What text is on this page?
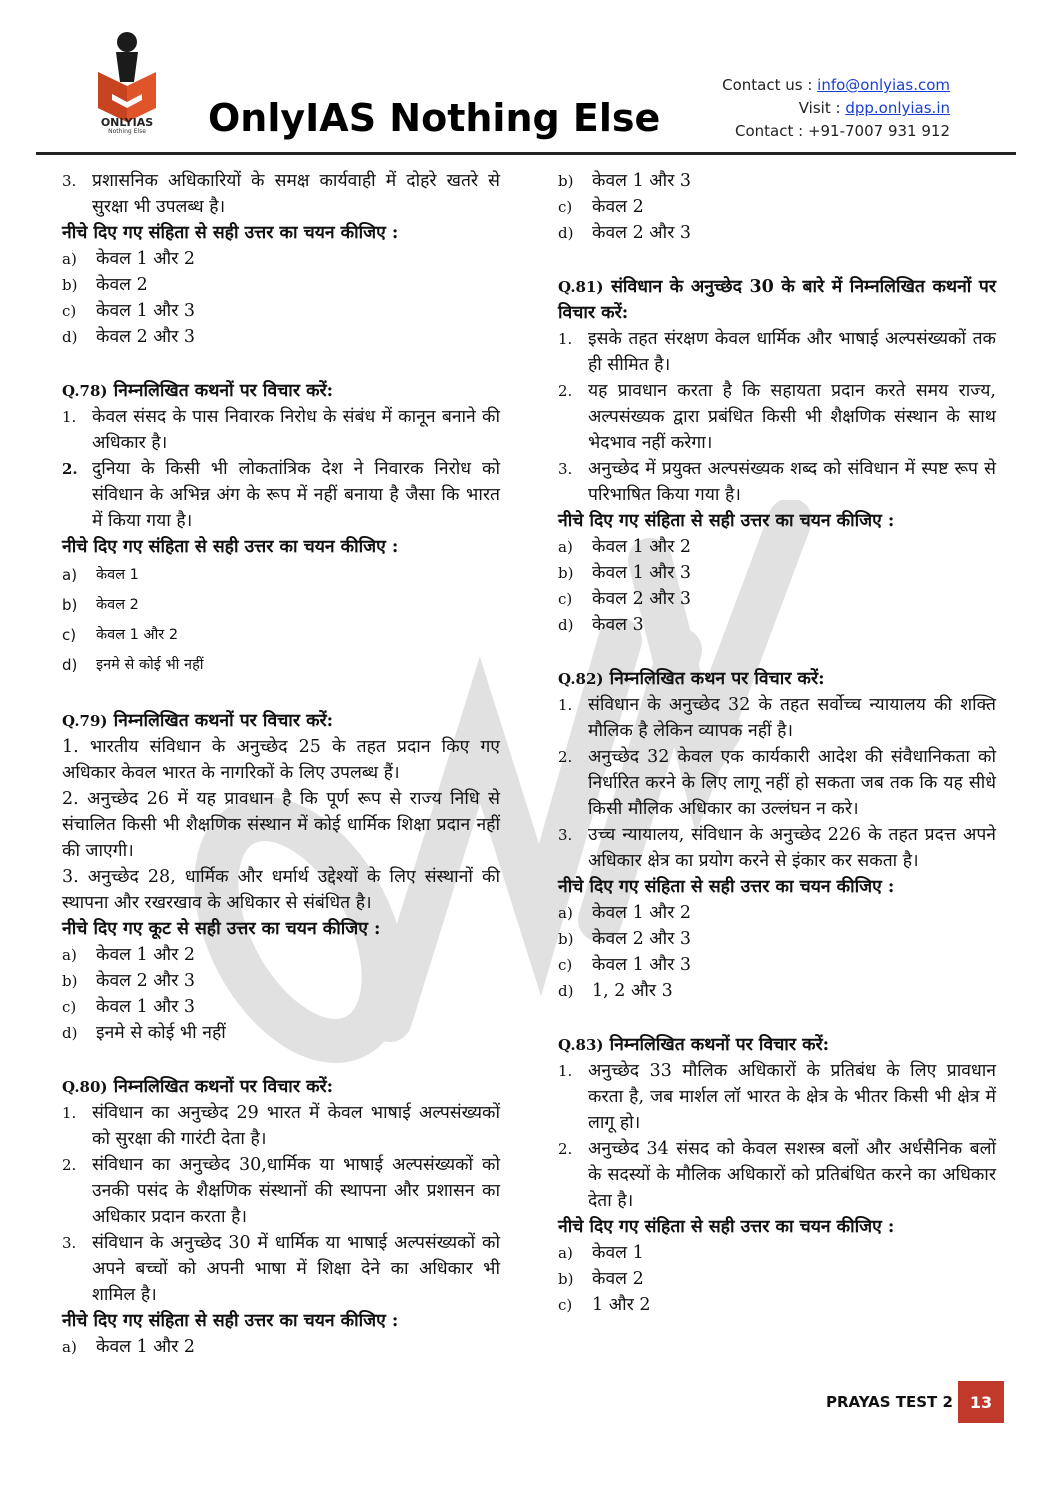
ONLYIAS
Nothing Else	OnlyIAS Nothing Else
Contact us : info@onlyias.com
Visit : dpp.onlyias.in
Contact : +91-7007 931 912
3. प्रशासनिक अधिकारियों के समक्ष कार्यवाही में दोहरे खतरे से सुरक्षा भी उपलब्ध है।

नीचे दिए गए संहिता से सही उत्तर का चयन कीजिए :

a)	केवल 1 और 2
b)	केवल 2
c)	केवल 1 और 3
d)	केवल 2 और 3

Q.78) निम्नलिखित कथनों पर विचार करें:

1. केवल संसद के पास निवारक निरोध के संबंध में कानून बनाने की अधिकार है।
2. दुनिया के किसी भी लोकतांत्रिक देश ने निवारक निरोध को संविधान के अभिन्न अंग के रूप में नहीं बनाया है जैसा कि भारत में किया गया है।

नीचे दिए गए संहिता से सही उत्तर का चयन कीजिए :

a)	केवल 1
b)	केवल 2
c)	केवल 1 और 2
d)	इनमे से कोई भी नहीं

Q.79) निम्नलिखित कथनों पर विचार करें:

1. भारतीय संविधान के अनुच्छेद 25 के तहत प्रदान किए गए अधिकार केवल भारत के नागरिकों के लिए उपलब्ध हैं।

2. अनुच्छेद 26 में यह प्रावधान है कि पूर्ण रूप से राज्य निधि से संचालित किसी भी शैक्षणिक संस्थान में कोई धार्मिक शिक्षा प्रदान नहीं की जाएगी।

3. अनुच्छेद 28, धार्मिक और धर्मार्थ उद्देश्यों के लिए संस्थानों की स्थापना और रखरखाव के अधिकार से संबंधित है।

नीचे दिए गए कूट से सही उत्तर का चयन कीजिए :

a)	केवल 1 और 2
b)	केवल 2 और 3
c)	केवल 1 और 3
d)	इनमे से कोई भी नहीं

Q.80) निम्नलिखित कथनों पर विचार करें:

1. संविधान का अनुच्छेद 29 भारत में केवल भाषाई अल्पसंख्यकों को सुरक्षा की गारंटी देता है।
2. संविधान का अनुच्छेद 30,धार्मिक या भाषाई अल्पसंख्यकों को उनकी पसंद के शैक्षणिक संस्थानों की स्थापना और प्रशासन का अधिकार प्रदान करता है।
3. संविधान के अनुच्छेद 30 में धार्मिक या भाषाई अल्पसंख्यकों को अपने बच्चों को अपनी भाषा में शिक्षा देने का अधिकार भी शामिल है।

नीचे दिए गए संहिता से सही उत्तर का चयन कीजिए :

a)	केवल 1 और 2
b)	केवल 1 और 3
c)	केवल 2
d)	केवल 2 और 3

Q.81) संविधान के अनुच्छेद 30 के बारे में निम्नलिखित कथनों पर विचार करें:

1. इसके तहत संरक्षण केवल धार्मिक और भाषाई अल्पसंख्यकों तक ही सीमित है।
2. यह प्रावधान करता है कि सहायता प्रदान करते समय राज्य, अल्पसंख्यक द्वारा प्रबंधित किसी भी शैक्षणिक संस्थान के साथ भेदभाव नहीं करेगा।
3. अनुच्छेद में प्रयुक्त अल्पसंख्यक शब्द को संविधान में स्पष्ट रूप से परिभाषित किया गया है।

नीचे दिए गए संहिता से सही उत्तर का चयन कीजिए :

a)	केवल 1 और 2
b)	केवल 1 और 3
c)	केवल 2 और 3
d)	केवल 3

Q.82) निम्नलिखित कथन पर विचार करें:

1. संविधान के अनुच्छेद 32 के तहत सर्वोच्च न्यायालय की शक्ति मौलिक है लेकिन व्यापक नहीं है।
2. अनुच्छेद 32 केवल एक कार्यकारी आदेश की संवैधानिकता को निर्धारित करने के लिए लागू नहीं हो सकता जब तक कि यह सीधे किसी मौलिक अधिकार का उल्लंघन न करे।
3. उच्च न्यायालय, संविधान के अनुच्छेद 226 के तहत प्रदत्त अपने अधिकार क्षेत्र का प्रयोग करने से इंकार कर सकता है।

नीचे दिए गए संहिता से सही उत्तर का चयन कीजिए :

a)	केवल 1 और 2
b)	केवल 2 और 3
c)	केवल 1 और 3
d)	1, 2 और 3

Q.83) निम्नलिखित कथनों पर विचार करें:

1. अनुच्छेद 33 मौलिक अधिकारों के प्रतिबंध के लिए प्रावधान करता है, जब मार्शल लॉ भारत के क्षेत्र के भीतर किसी भी क्षेत्र में लागू हो।
2. अनुच्छेद 34 संसद को केवल सशस्त्र बलों और अर्धसैनिक बलों के सदस्यों के मौलिक अधिकारों को प्रतिबंधित करने का अधिकार देता है।

नीचे दिए गए संहिता से सही उत्तर का चयन कीजिए :

a)	केवल 1
b)	केवल 2
c)	1 और 2
PRAYAS TEST 2	13
